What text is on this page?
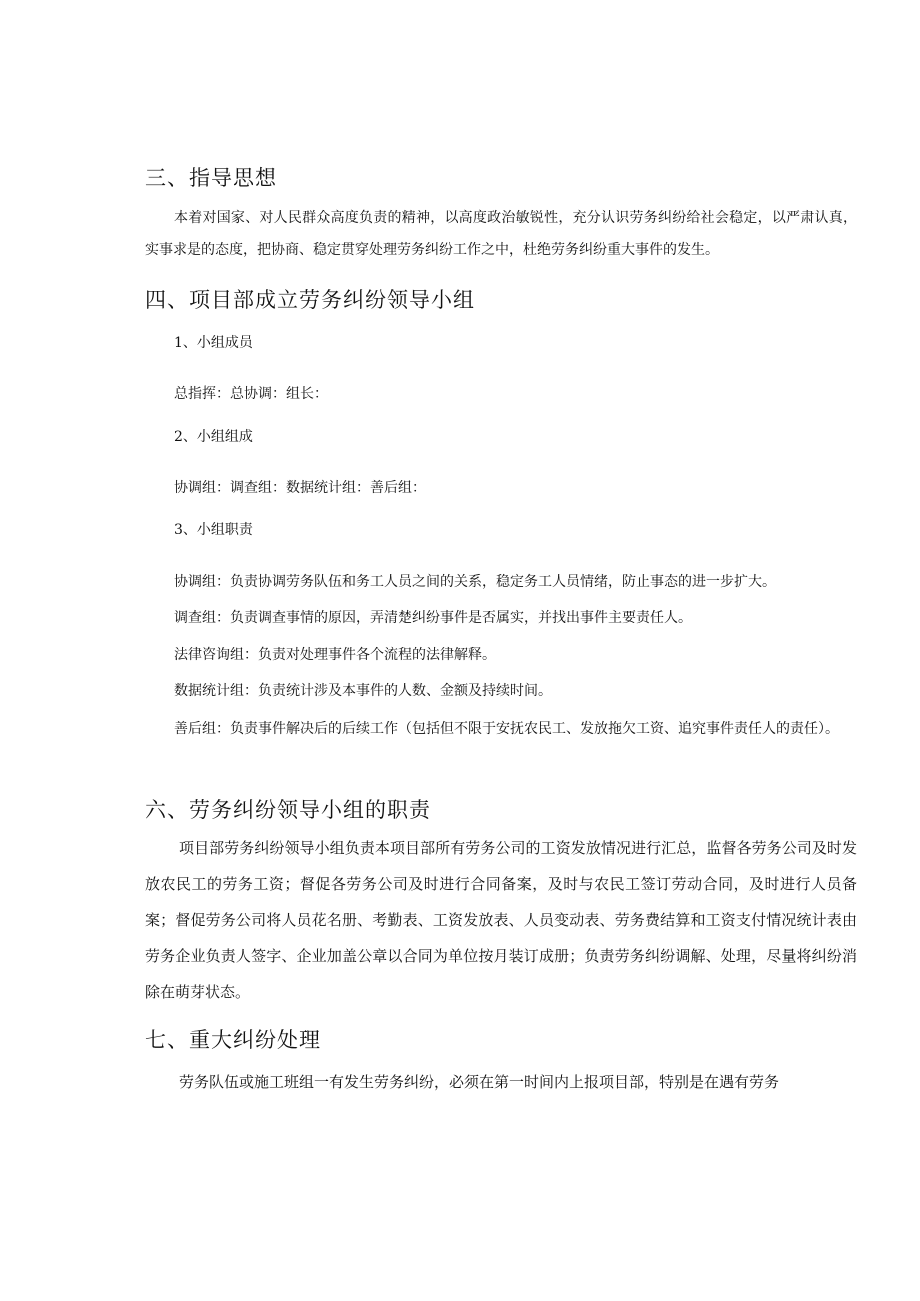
三、指导思想

本着对国家、对人民群众高度负责的精神，以高度政治敏锐性，充分认识劳务纠纷给社会稳定，以严肃认真，实事求是的态度，把协商、稳定贯穿处理劳务纠纷工作之中，杜绝劳务纠纷重大事件的发生。

四、项目部成立劳务纠纷领导小组

1、小组成员

总指挥：总协调：组长：

2、小组组成

协调组：调查组：数据统计组：善后组：

3、小组职责

协调组：负责协调劳务队伍和务工人员之间的关系，稳定务工人员情绪，防止事态的进一步扩大。

调查组：负责调查事情的原因，弄清楚纠纷事件是否属实，并找出事件主要责任人。

法律咨询组：负责对处理事件各个流程的法律解释。

数据统计组：负责统计涉及本事件的人数、金额及持续时间。

善后组：负责事件解决后的后续工作（包括但不限于安抚农民工、发放拖欠工资、追究事件责任人的责任）。

六、劳务纠纷领导小组的职责

项目部劳务纠纷领导小组负责本项目部所有劳务公司的工资发放情况进行汇总，监督各劳务公司及时发放农民工的劳务工资；督促各劳务公司及时进行合同备案，及时与农民工签订劳动合同，及时进行人员备案；督促劳务公司将人员花名册、考勤表、工资发放表、人员变动表、劳务费结算和工资支付情况统计表由劳务企业负责人签字、企业加盖公章以合同为单位按月装订成册；负责劳务纠纷调解、处理，尽量将纠纷消除在萌芽状态。

七、重大纠纷处理

劳务队伍或施工班组一有发生劳务纠纷，必须在第一时间内上报项目部，特别是在遇有劳务
